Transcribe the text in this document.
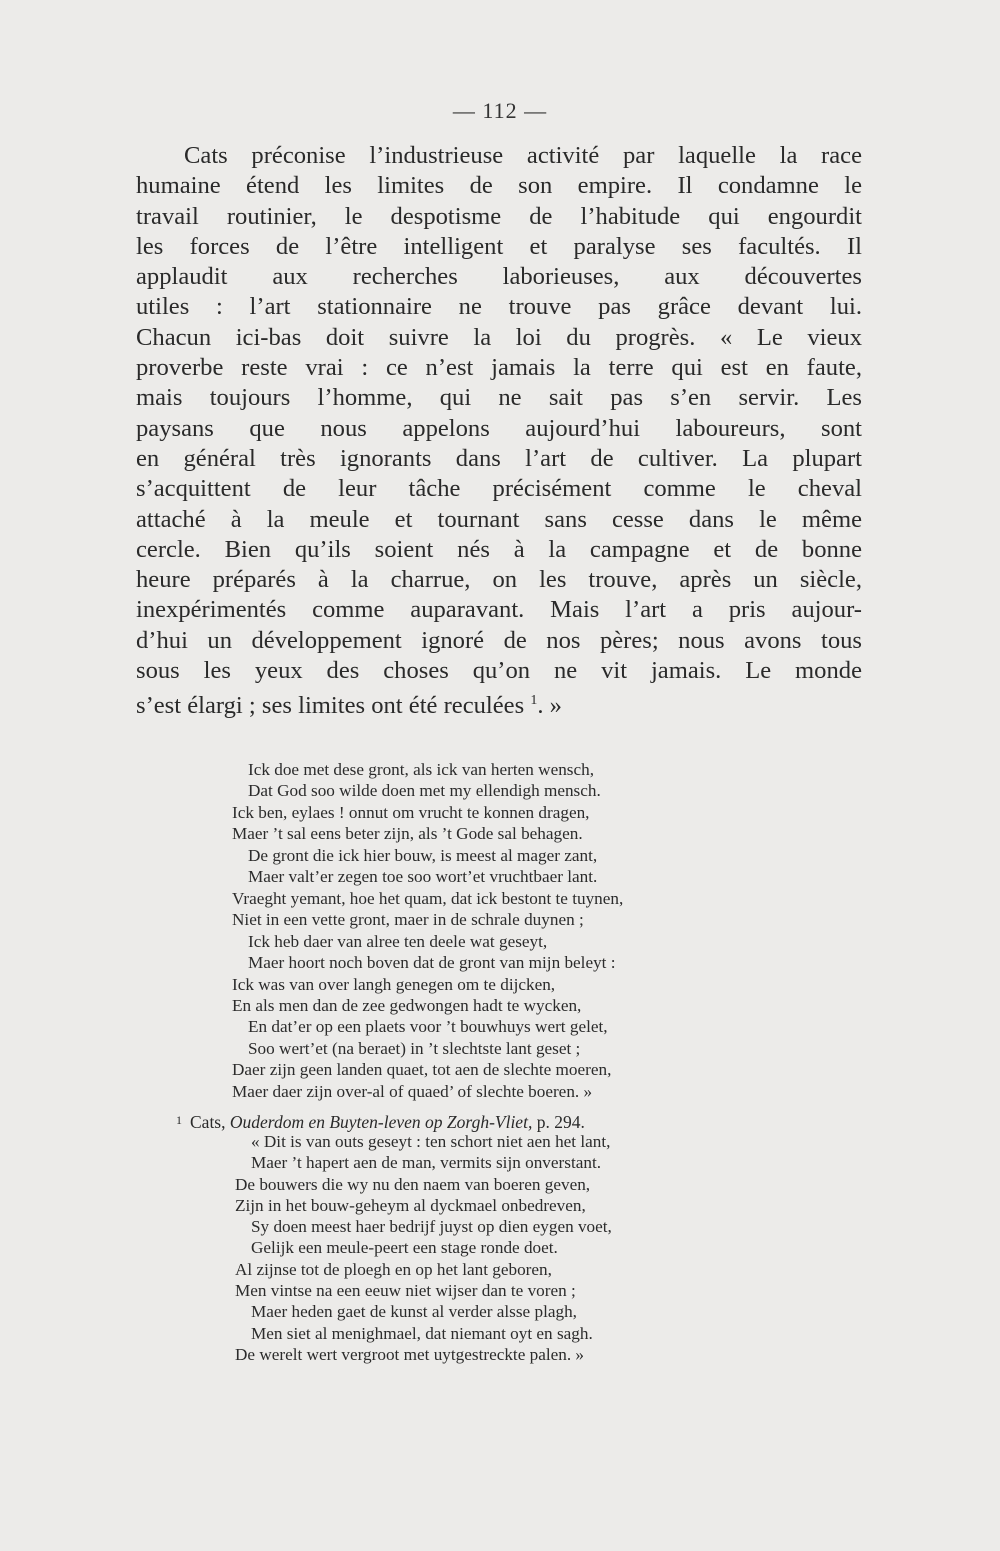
— 112 —
Cats préconise l’industrieuse activité par laquelle la race
humaine étend les limites de son empire. Il condamne le
travail routinier, le despotisme de l’habitude qui engourdit
les forces de l’être intelligent et paralyse ses facultés. Il
applaudit aux recherches laborieuses, aux découvertes
utiles : l’art stationnaire ne trouve pas grâce devant lui.
Chacun ici-bas doit suivre la loi du progrès. « Le vieux
proverbe reste vrai : ce n’est jamais la terre qui est en faute,
mais toujours l’homme, qui ne sait pas s’en servir. Les
paysans que nous appelons aujourd’hui laboureurs, sont
en général très ignorants dans l’art de cultiver. La plupart
s’acquittent de leur tâche précisément comme le cheval
attaché à la meule et tournant sans cesse dans le même
cercle. Bien qu’ils soient nés à la campagne et de bonne
heure préparés à la charrue, on les trouve, après un siècle,
inexpérimentés comme auparavant. Mais l’art a pris aujour-
d’hui un développement ignoré de nos pères; nous avons tous
sous les yeux des choses qu’on ne vit jamais. Le monde
s’est élargi ; ses limites ont été reculées $^1$. »
Ick doe met dese gront, als ick van herten wensch,
Dat God soo wilde doen met my ellendigh mensch.
Ick ben, eylaes ! onnut om vrucht te konnen dragen,
Maer ’t sal eens beter zijn, als ’t Gode sal behagen.
De gront die ick hier bouw, is meest al mager zant,
Maer valt’er zegen toe soo wort’et vruchtbaer lant.
Vraeght yemant, hoe het quam, dat ick bestont te tuynen,
Niet in een vette gront, maer in de schrale duynen ;
Ick heb daer van alree ten deele wat geseyt,
Maer hoort noch boven dat de gront van mijn beleyt :
Ick was van over langh genegen om te dijcken,
En als men dan de zee gedwongen hadt te wycken,
En dat’er op een plaets voor ’t bouwhuys wert gelet,
Soo wert’et (na beraet) in ’t slechtste lant geset ;
Daer zijn geen landen quaet, tot aen de slechte moeren,
Maer daer zijn over-al of quaed’ of slechte boeren. »
$^1$ Cats, Ouderdom en Buyten-leven op Zorgh-Vliet, p. 294.
« Dit is van outs geseyt : ten schort niet aen het lant,
Maer ’t hapert aen de man, vermits sijn onverstant.
De bouwers die wy nu den naem van boeren geven,
Zijn in het bouw-geheym al dyckmael onbedreven,
Sy doen meest haer bedrijf juyst op dien eygen voet,
Gelijk een meule-peert een stage ronde doet.
Al zijnse tot de ploegh en op het lant geboren,
Men vintse na een eeuw niet wijser dan te voren ;
Maer heden gaet de kunst al verder alsse plagh,
Men siet al menighmael, dat niemant oyt en sagh.
De werelt wert vergroot met uytgestreckte palen. »
